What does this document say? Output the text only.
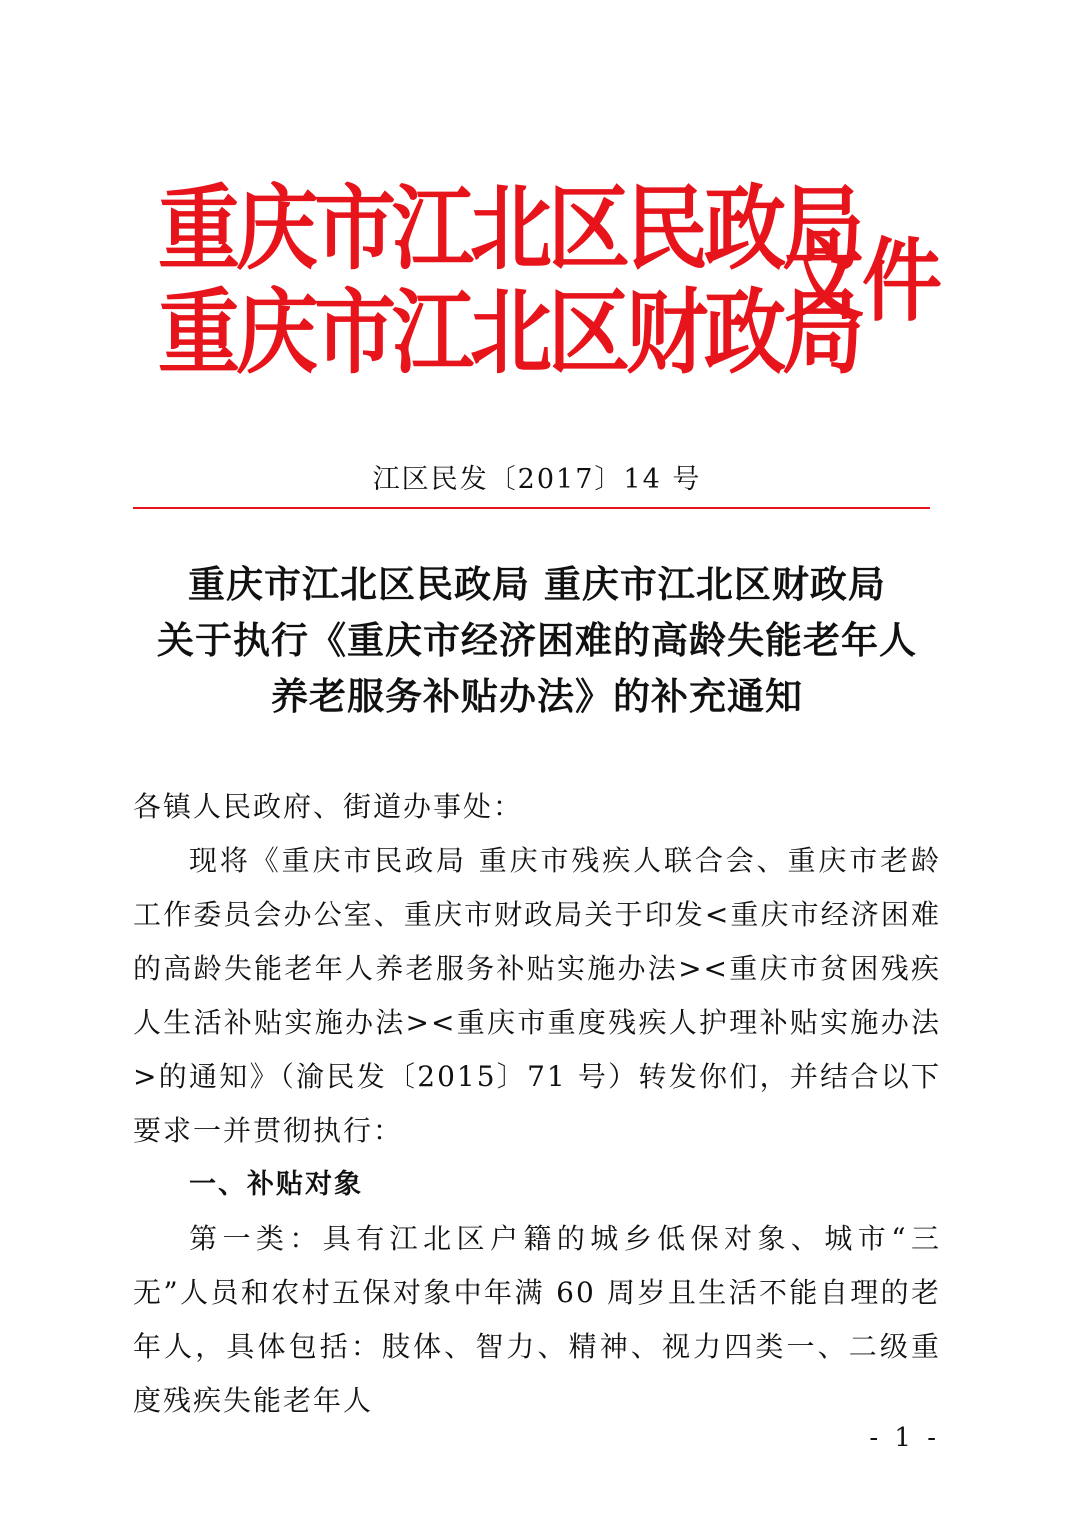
重庆市江北区民政局
重庆市江北区财政局
文件
江区民发〔2017〕14 号
重庆市江北区民政局 重庆市江北区财政局
关于执行《重庆市经济困难的高龄失能老年人
养老服务补贴办法》的补充通知

各镇人民政府、街道办事处：

现将《重庆市民政局 重庆市残疾人联合会、重庆市老龄工作委员会办公室、重庆市财政局关于印发<重庆市经济困难的高龄失能老年人养老服务补贴实施办法><重庆市贫困残疾人生活补贴实施办法><重庆市重度残疾人护理补贴实施办法>的通知》（渝民发〔2015〕71 号）转发你们，并结合以下要求一并贯彻执行：

一、补贴对象

第一类：具有江北区户籍的城乡低保对象、城市“三无”人员和农村五保对象中年满 60 周岁且生活不能自理的老年人，具体包括：肢体、智力、精神、视力四类一、二级重度残疾失能老年人

- 1 -
